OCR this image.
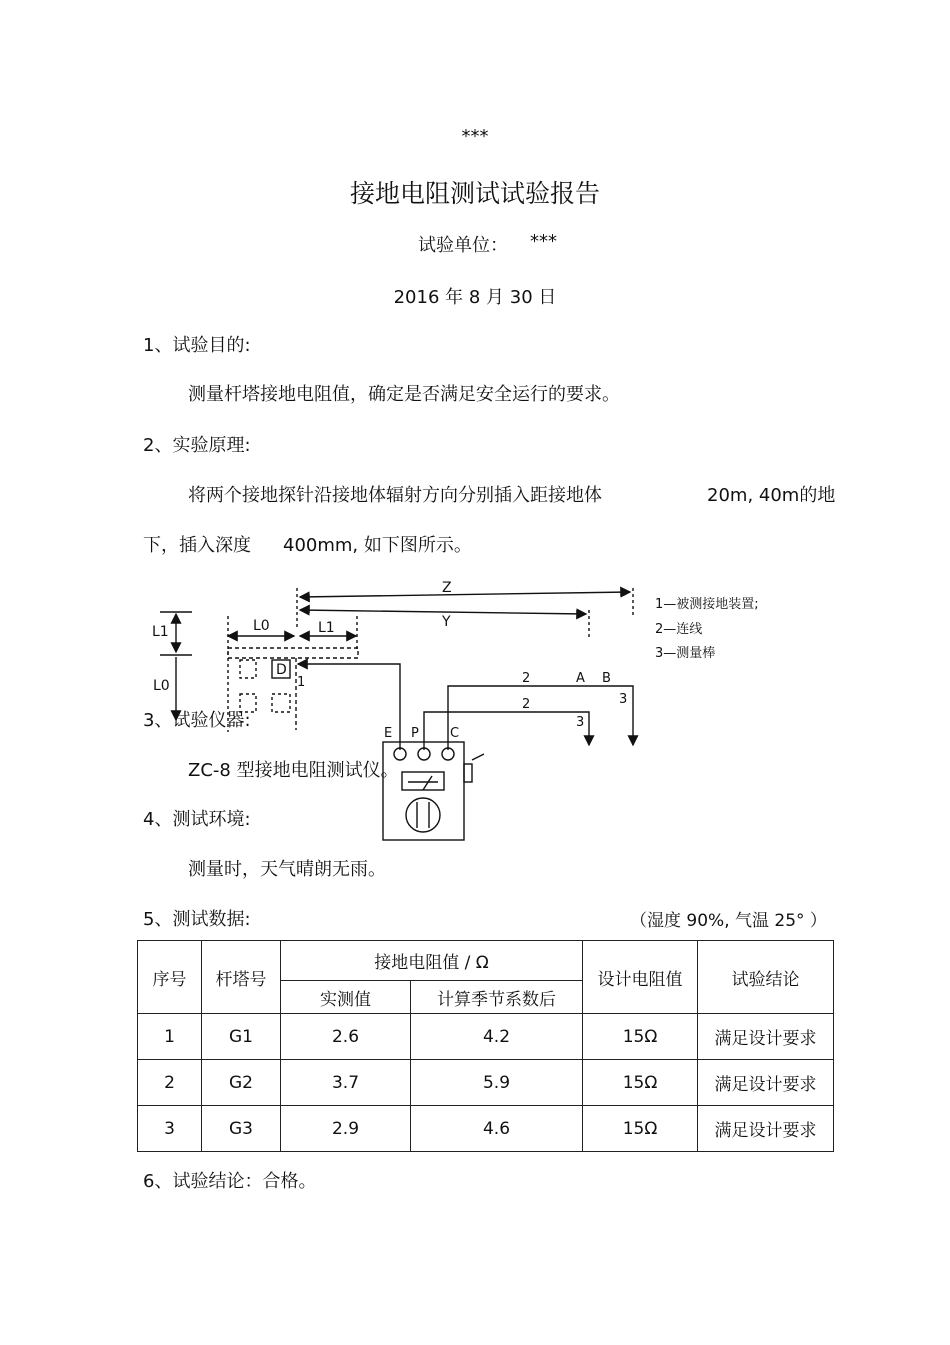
***
接地电阻测试试验报告
试验单位： ***
2016 年 8 月 30 日
1、试验目的:
测量杆塔接地电阻值，确定是否满足安全运行的要求。
2、实验原理:
将两个接地探针沿接地体辐射方向分别插入距接地体	20m, 40m的地
下，插入深度 400mm, 如下图所示。
Z
Y
L0	L1
L1
L0
D
1	2
2
A B
3
3
E P C
1—被测接地装置;
2—连线
3—测量棒
3、试验仪器:
ZC-8 型接地电阻测试仪。
4、测试环境:
测量时，天气晴朗无雨。
5、测试数据:	（湿度 90%, 气温 25° ）
序号	杆塔号	接地电阻值 / Ω		设计电阻值	试验结论
		实测值	计算季节系数后		
1	G1	2.6	4.2	15Ω	满足设计要求
2	G2	3.7	5.9	15Ω	满足设计要求
3	G3	2.9	4.6	15Ω	满足设计要求
6、试验结论：合格。
